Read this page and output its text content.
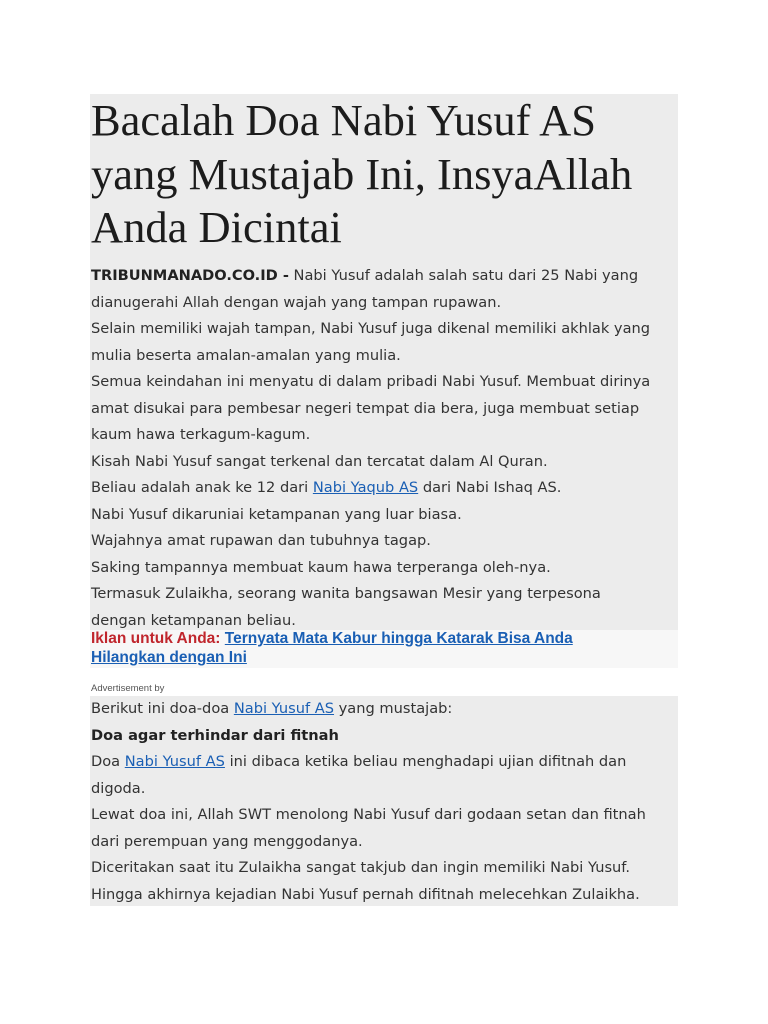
Bacalah Doa Nabi Yusuf AS
yang Mustajab Ini, InsyaAllah
Anda Dicintai

TRIBUNMANADO.CO.ID - Nabi Yusuf adalah salah satu dari 25 Nabi yang

dianugerahi Allah dengan wajah yang tampan rupawan.

Selain memiliki wajah tampan, Nabi Yusuf juga dikenal memiliki akhlak yang

mulia beserta amalan-amalan yang mulia.

Semua keindahan ini menyatu di dalam pribadi Nabi Yusuf. Membuat dirinya

amat disukai para pembesar negeri tempat dia bera, juga membuat setiap

kaum hawa terkagum-kagum.

Kisah Nabi Yusuf sangat terkenal dan tercatat dalam Al Quran.

Beliau adalah anak ke 12 dari Nabi Yaqub AS dari Nabi Ishaq AS.

Nabi Yusuf dikaruniai ketampanan yang luar biasa.

Wajahnya amat rupawan dan tubuhnya tagap.

Saking tampannya membuat kaum hawa terperanga oleh-nya.

Termasuk Zulaikha, seorang wanita bangsawan Mesir yang terpesona

dengan ketampanan beliau.

Iklan untuk Anda: Ternyata Mata Kabur hingga Katarak Bisa Anda
Hilangkan dengan Ini
Advertisement by

Berikut ini doa-doa Nabi Yusuf AS yang mustajab:

Doa agar terhindar dari fitnah

Doa Nabi Yusuf AS ini dibaca ketika beliau menghadapi ujian difitnah dan

digoda.

Lewat doa ini, Allah SWT menolong Nabi Yusuf dari godaan setan dan fitnah

dari perempuan yang menggodanya.

Diceritakan saat itu Zulaikha sangat takjub dan ingin memiliki Nabi Yusuf.

Hingga akhirnya kejadian Nabi Yusuf pernah difitnah melecehkan Zulaikha.
